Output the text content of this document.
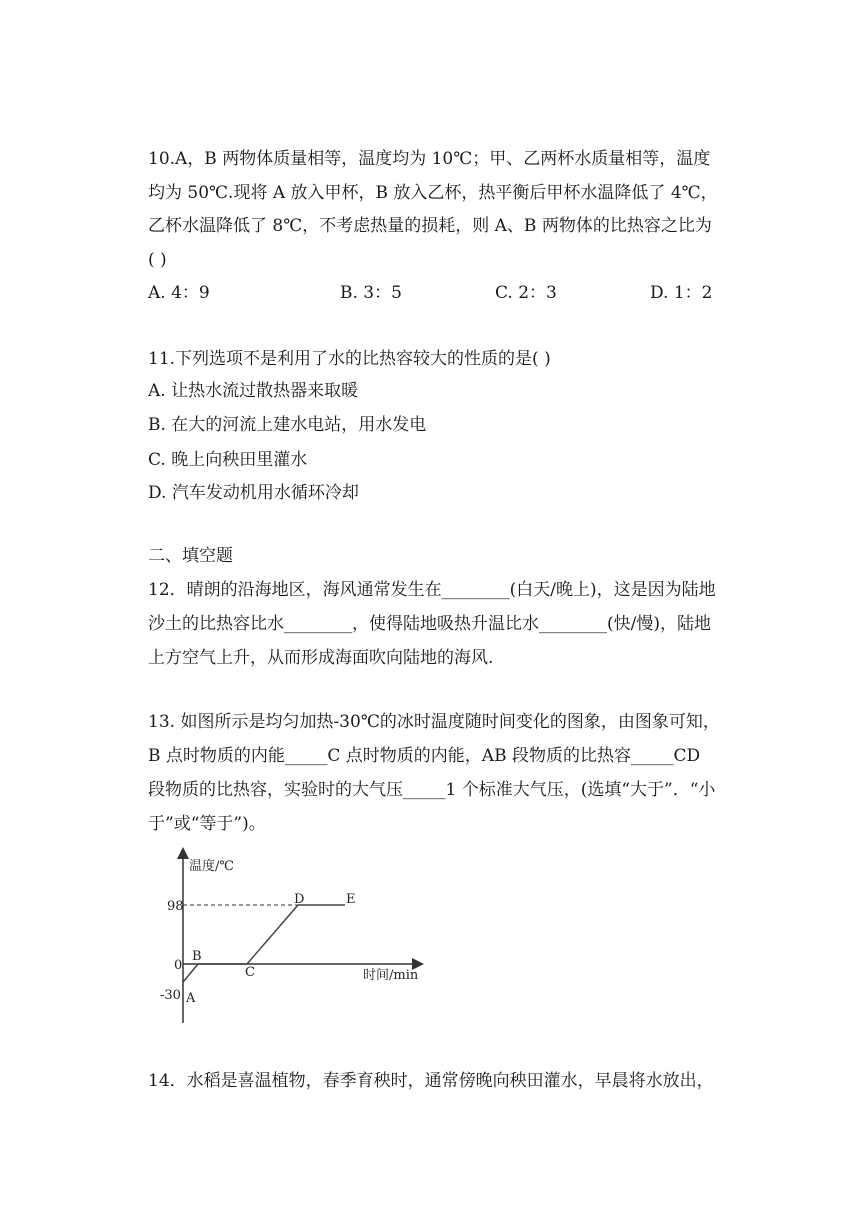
10.A，B 两物体质量相等，温度均为 10℃；甲、乙两杯水质量相等，温度
均为 50℃.现将 A 放入甲杯，B 放入乙杯，热平衡后甲杯水温降低了 4℃，
乙杯水温降低了 8℃，不考虑热量的损耗，则 A、B 两物体的比热容之比为
( )
A. 4：9	B. 3：5	C. 2：3	D. 1：2
11.下列选项不是利用了水的比热容较大的性质的是( )
A. 让热水流过散热器来取暖
B. 在大的河流上建水电站，用水发电
C. 晚上向秧田里灌水
D. 汽车发动机用水循环冷却
二、填空题
12．晴朗的沿海地区，海风通常发生在________(白天/晚上)，这是因为陆地
沙土的比热容比水________，使得陆地吸热升温比水________(快/慢)，陆地
上方空气上升，从而形成海面吹向陆地的海风.
13. 如图所示是均匀加热-30℃的冰时温度随时间变化的图象，由图象可知，
B 点时物质的内能_____C 点时物质的内能，AB 段物质的比热容_____CD
段物质的比热容，实验时的大气压_____1 个标准大气压，(选填“大于”．“小
于”或“等于”)。
温度/℃
时间/min
98
0
-30 A
B
C
D	E
14．水稻是喜温植物，春季育秧时，通常傍晚向秧田灌水，早晨将水放出，
